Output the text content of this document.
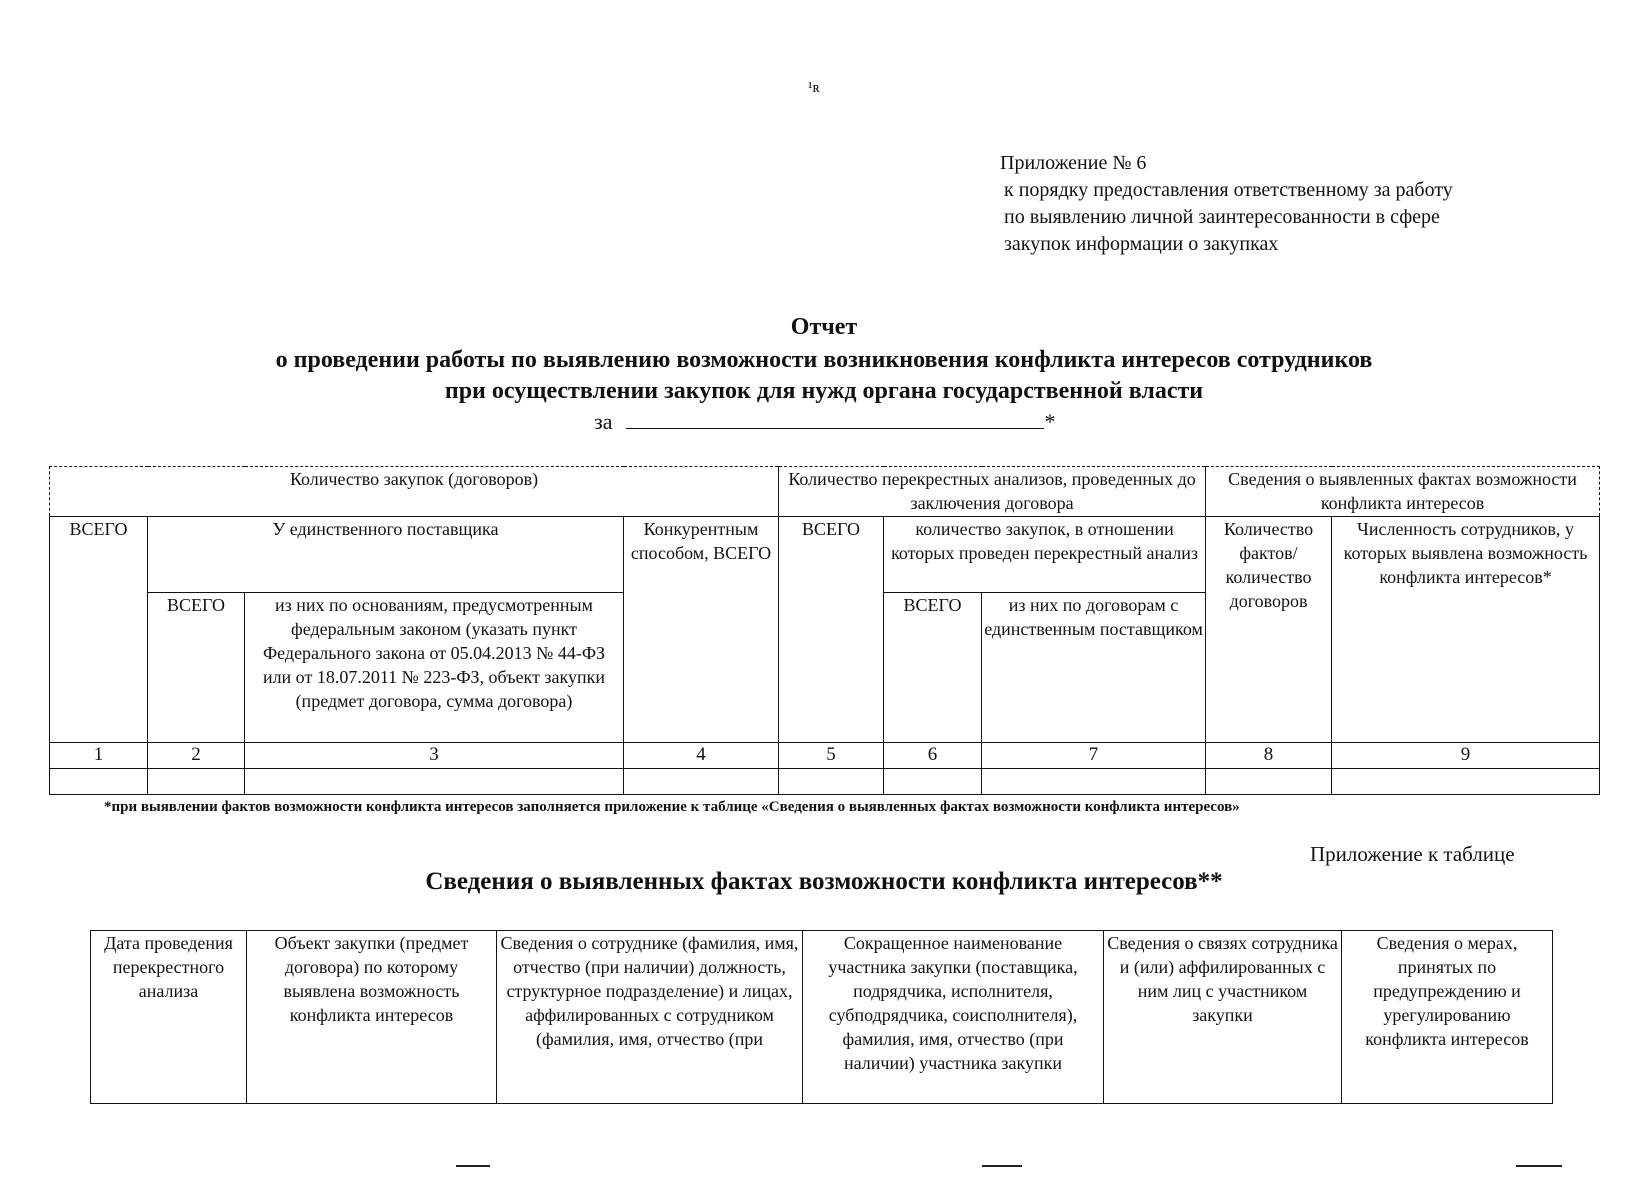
¹ʀ
Приложение № 6
к порядку предоставления ответственному за работу
по выявлению личной заинтересованности в сфере
закупок информации о закупках
Отчет
о проведении работы по выявлению возможности возникновения конфликта интересов сотрудников
при осуществлении закупок для нужд органа государственной власти
за	*
Количество закупок (договоров)				Количество перекрестных анализов, проведенных до заключения договора			Сведения о выявленных фактах возможности конфликта интересов	
ВСЕГО	У единственного поставщика		Конкурентным способом, ВСЕГО	ВСЕГО	количество закупок, в отношении которых проведен перекрестный анализ		Количество фактов/ количество договоров	Численность сотрудников, у которых выявлена возможность конфликта интересов*
	ВСЕГО	из них по основаниям, предусмотренным федеральным законом (указать пункт Федерального закона от 05.04.2013 № 44-ФЗ или от 18.07.2011 № 223-ФЗ, объект закупки (предмет договора, сумма договора)			ВСЕГО	из них по договорам с единственным поставщиком		
1	2	3	4	5	6	7	8	9

*при выявлении фактов возможности конфликта интересов заполняется приложение к таблице «Сведения о выявленных фактах возможности конфликта интересов»
Приложение к таблице
Сведения о выявленных фактах возможности конфликта интересов**
Дата проведения перекрестного анализа	Объект закупки (предмет договора) по которому выявлена возможность конфликта интересов	Сведения о сотруднике (фамилия, имя, отчество (при наличии) должность, структурное подразделение) и лицах, аффилированных с сотрудником (фамилия, имя, отчество (при	Сокращенное наименование участника закупки (поставщика, подрядчика, исполнителя, субподрядчика, соисполнителя), фамилия, имя, отчество (при наличии) участника закупки	Сведения о связях сотрудника и (или) аффилированных с ним лиц с участником закупки	Сведения о мерах, принятых по предупреждению и урегулированию конфликта интересов
